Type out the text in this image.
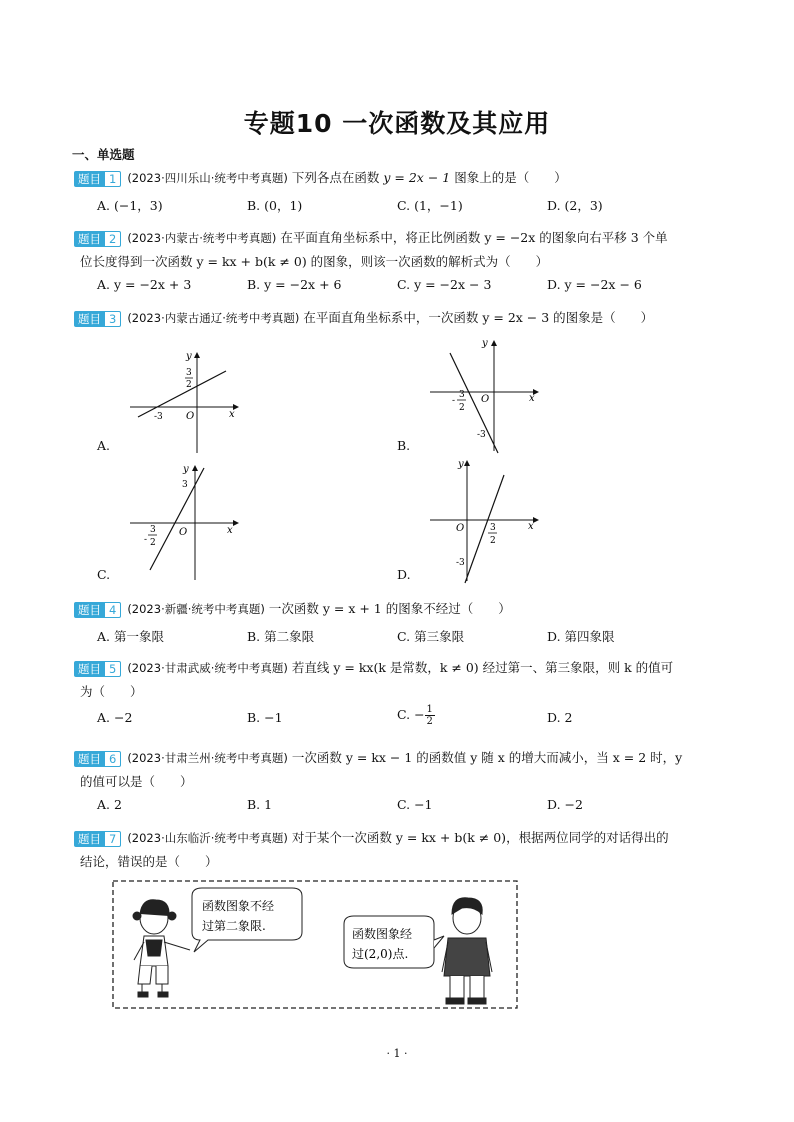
专题10 一次函数及其应用
一、单选题
题目 1 (2023·四川乐山·统考中考真题) 下列各点在函数 y = 2x − 1 图象上的是（　　）
A. (−1，3)	B. (0，1)	C. (1，−1)	D. (2，3)
题目 2 (2023·内蒙古·统考中考真题) 在平面直角坐标系中，将正比例函数 y = −2x 的图象向右平移 3 个单
位长度得到一次函数 y = kx + b(k ≠ 0) 的图象，则该一次函数的解析式为（　　）
A. y = −2x + 3	B. y = −2x + 6	C. y = −2x − 3	D. y = −2x − 6
题目 3 (2023·内蒙古通辽·统考中考真题) 在平面直角坐标系中，一次函数 y = 2x − 3 的图象是（　　）
A.
y
x
O
3
2
-3
B.
y
x
O
-
3
2
-3
C.
y
x
O
3
-
3
2
D.
y
x
O	3
2
-3
题目 4 (2023·新疆·统考中考真题) 一次函数 y = x + 1 的图象不经过（　　）
A. 第一象限	B. 第二象限	C. 第三象限	D. 第四象限
题目 5 (2023·甘肃武威·统考中考真题) 若直线 y = kx(k 是常数，k ≠ 0) 经过第一、第三象限，则 k 的值可
为（　　）
A. −2	B. −1	C. − $\frac{1}{2}$	D. 2
题目 6 (2023·甘肃兰州·统考中考真题) 一次函数 y = kx − 1 的函数值 y 随 x 的增大而减小，当 x = 2 时，y
的值可以是（　　）
A. 2	B. 1	C. −1	D. −2
题目 7 (2023·山东临沂·统考中考真题) 对于某个一次函数 y = kx + b(k ≠ 0)，根据两位同学的对话得出的
结论，错误的是（　　）
函数图象不经
过第二象限.
函数图象经
过(2,0)点.
· 1 ·
